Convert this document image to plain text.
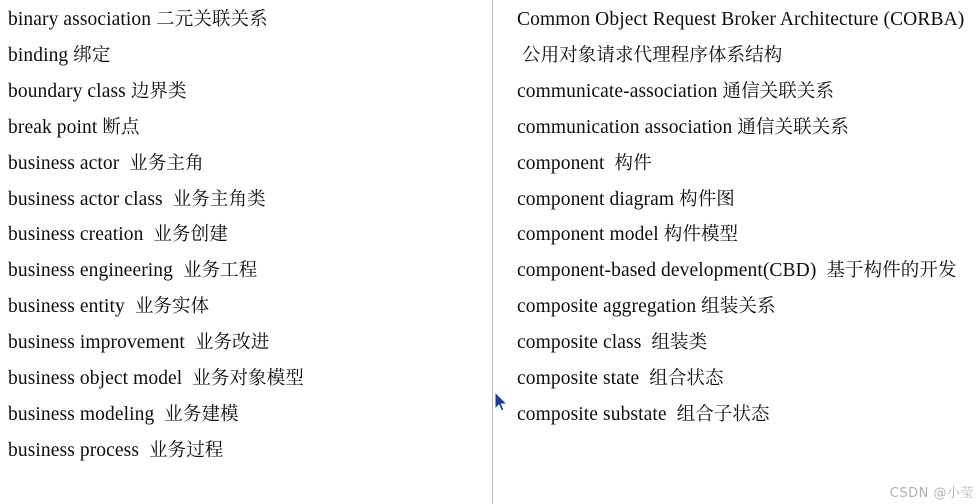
binary association 二元关联关系
binding 绑定
boundary class 边界类
break point 断点
business actor 业务主角
business actor class 业务主角类
business creation 业务创建
business engineering 业务工程
business entity 业务实体
business improvement 业务改进
business object model 业务对象模型
business modeling 业务建模
business process 业务过程
Common Object Request Broker Architecture (CORBA)  公用对象请求代理程序体系结构
communicate-association 通信关联关系
communication association 通信关联关系
component 构件
component diagram 构件图
component model 构件模型
component-based development(CBD) 基于构件的开发
composite aggregation 组装关系
composite class 组装类
composite state 组合状态
composite substate 组合子状态
CSDN @小莹
